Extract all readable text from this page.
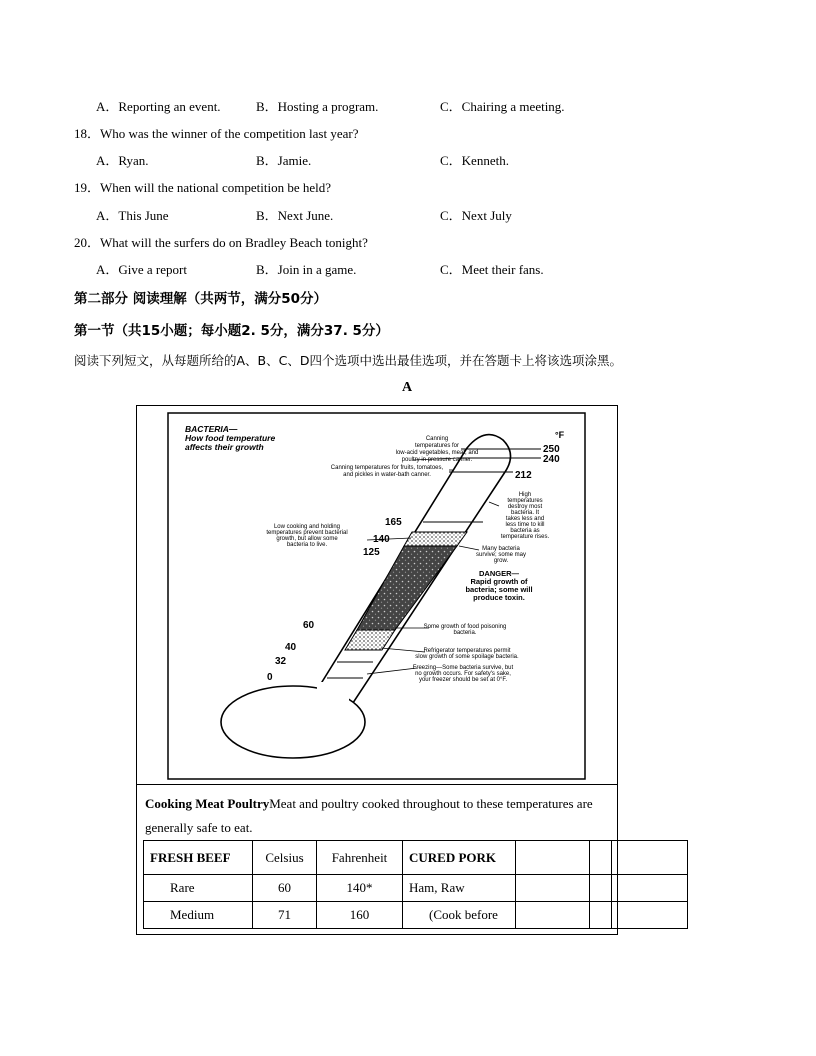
A．Reporting an event.	B．Hosting a program.	C．Chairing a meeting.
18．Who was the winner of the competition last year?
A．Ryan.	B．Jamie.	C．Kenneth.
19．When will the national competition be held?
A．This June	B．Next June.	C．Next July
20．What will the surfers do on Bradley Beach tonight?
A．Give a report	B．Join in a game.	C．Meet their fans.
第二部分 阅读理解（共两节，满分50分）
第一节（共15小题；每小题2. 5分，满分37. 5分）
阅读下列短文，从每题所给的A、B、C、D四个选项中选出最佳选项，并在答题卡上将该选项涂黑。
A
BACTERIA—
How food temperature
affects their growth
°F
250
240
212
165
140
125
60
40
32
0
Canning
temperatures for
low-acid vegetables, meat, and
poultry in pressure canner.
Canning temperatures for fruits, tomatoes,
and pickles in water-bath canner.
High
temperatures
destroy most
bacteria. It
takes less and
less time to kill
bacteria as
temperature rises.
Low cooking and holding
temperatures prevent bacterial
growth, but allow some
bacteria to live.
Many bacteria
survive; some may
grow.
Some growth of food poisoning
bacteria.
Refrigerator temperatures permit
slow growth of some spoilage bacteria.
Freezing—Some bacteria survive, but
no growth occurs. For safety's sake,
your freezer should be set at 0°F.
DANGER—
Rapid growth of
bacteria; some will
produce toxin.
Cooking Meat PoultryMeat and poultry cooked throughout to these temperatures are generally safe to eat.
FRESH BEEF	Celsius	Fahrenheit	CURED PORK			
Rare	60	140*	Ham, Raw			
Medium	71	160	(Cook before			
